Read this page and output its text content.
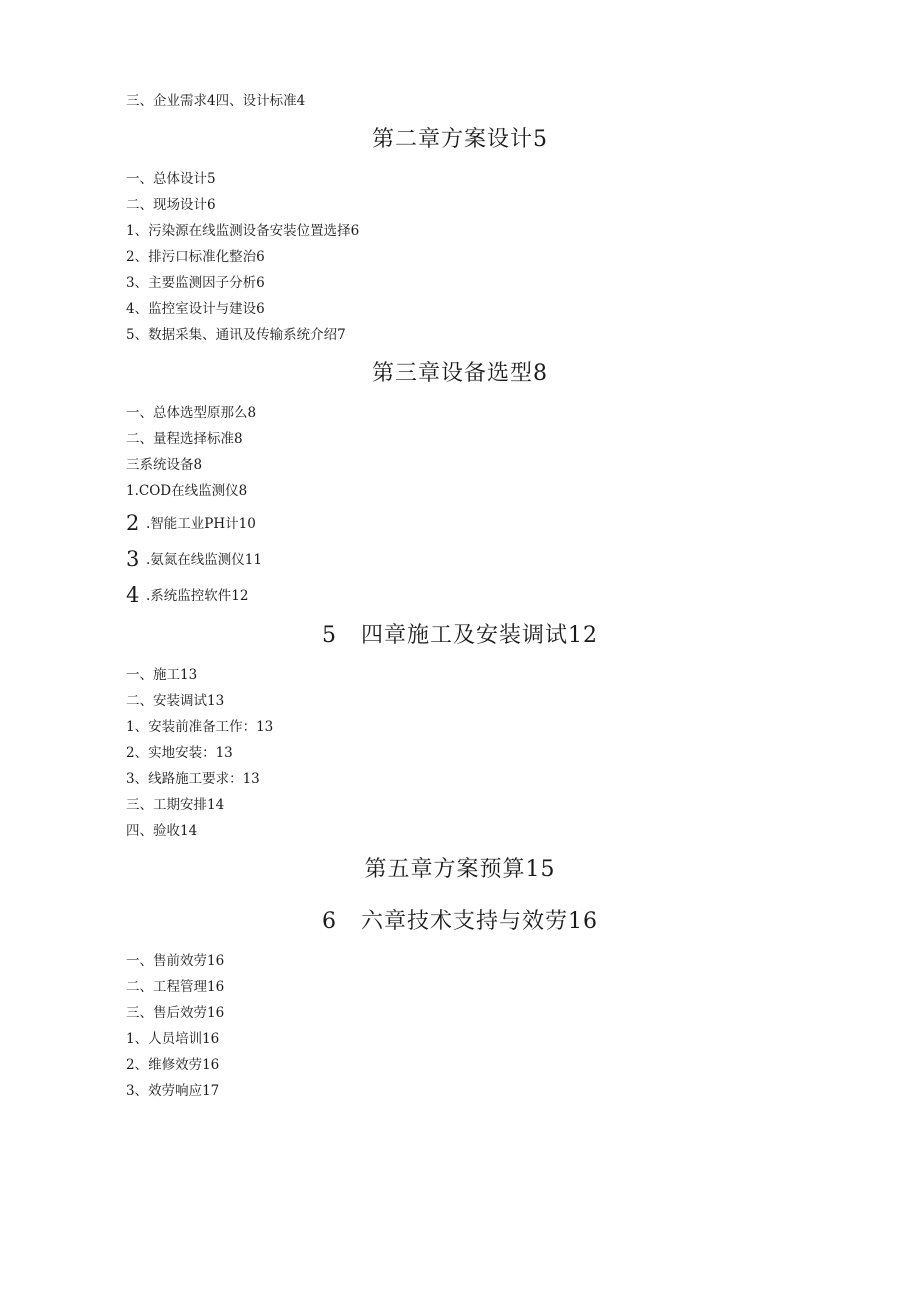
三、企业需求4四、设计标准4
第二章方案设计5
一、总体设计5
二、现场设计6
1、污染源在线监测设备安装位置选择6
2、排污口标准化整治6
3、主要监测因子分析6
4、监控室设计与建设6
5、数据采集、通讯及传输系统介绍7
第三章设备选型8
一、总体选型原那么8
二、量程选择标准8
三系统设备8
1.COD在线监测仪8
2 .智能工业PH计10
3 .氨氮在线监测仪11
4 .系统监控软件12
5 四章施工及安装调试12
一、施工13
二、安装调试13
1、安装前准备工作：13
2、实地安装：13
3、线路施工要求：13
三、工期安排14
四、验收14
第五章方案预算15
6 六章技术支持与效劳16
一、售前效劳16
二、工程管理16
三、售后效劳16
1、人员培训16
2、维修效劳16
3、效劳响应17
